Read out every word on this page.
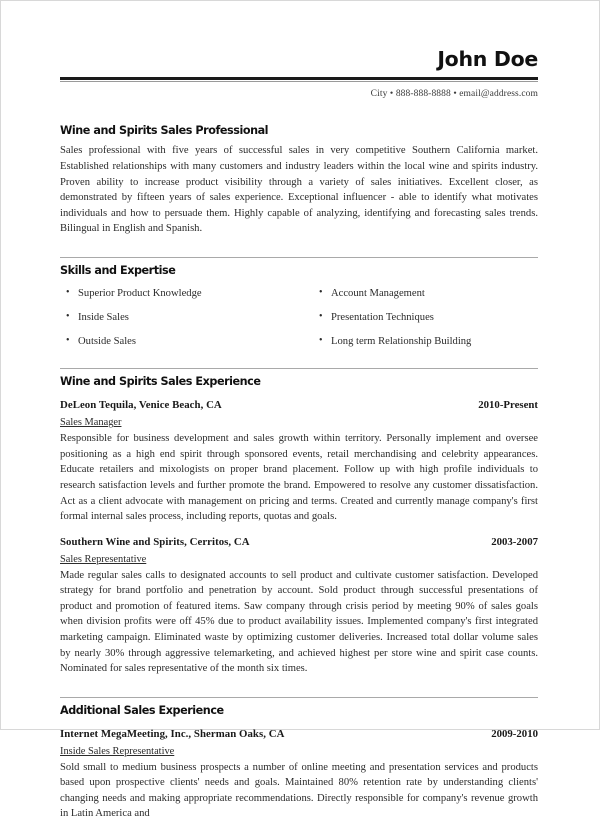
John Doe
City • 888-888-8888 • email@address.com
Wine and Spirits Sales Professional

Sales professional with five years of successful sales in very competitive Southern California market. Established relationships with many customers and industry leaders within the local wine and spirits industry. Proven ability to increase product visibility through a variety of sales initiatives. Excellent closer, as demonstrated by fifteen years of sales experience. Exceptional influencer - able to identify what motivates individuals and how to persuade them. Highly capable of analyzing, identifying and forecasting sales trends. Bilingual in English and Spanish.

Skills and Expertise
• Superior Product Knowledge
• Inside Sales
• Outside Sales
• Account Management
• Presentation Techniques
• Long term Relationship Building
Wine and Spirits Sales Experience
DeLeon Tequila, Venice Beach, CA	2010-Present
Sales Manager

Responsible for business development and sales growth within territory. Personally implement and oversee positioning as a high end spirit through sponsored events, retail merchandising and celebrity appearances. Educate retailers and mixologists on proper brand placement. Follow up with high profile individuals to research satisfaction levels and further promote the brand. Empowered to resolve any customer dissatisfaction. Act as a client advocate with management on pricing and terms. Created and currently manage company's first formal internal sales process, including reports, quotas and goals.

Southern Wine and Spirits, Cerritos, CA	2003-2007
Sales Representative

Made regular sales calls to designated accounts to sell product and cultivate customer satisfaction. Developed strategy for brand portfolio and penetration by account. Sold product through successful presentations of product and promotion of featured items. Saw company through crisis period by meeting 90% of sales goals when division profits were off 45% due to product availability issues. Implemented company's first integrated marketing campaign. Eliminated waste by optimizing customer deliveries. Increased total dollar volume sales by nearly 30% through aggressive telemarketing, and achieved highest per store wine and spirit case counts. Nominated for sales representative of the month six times.

Additional Sales Experience
Internet MegaMeeting, Inc., Sherman Oaks, CA	2009-2010
Inside Sales Representative

Sold small to medium business prospects a number of online meeting and presentation services and products based upon prospective clients' needs and goals. Maintained 80% retention rate by understanding clients' changing needs and making appropriate recommendations. Directly responsible for company's revenue growth in Latin America and
